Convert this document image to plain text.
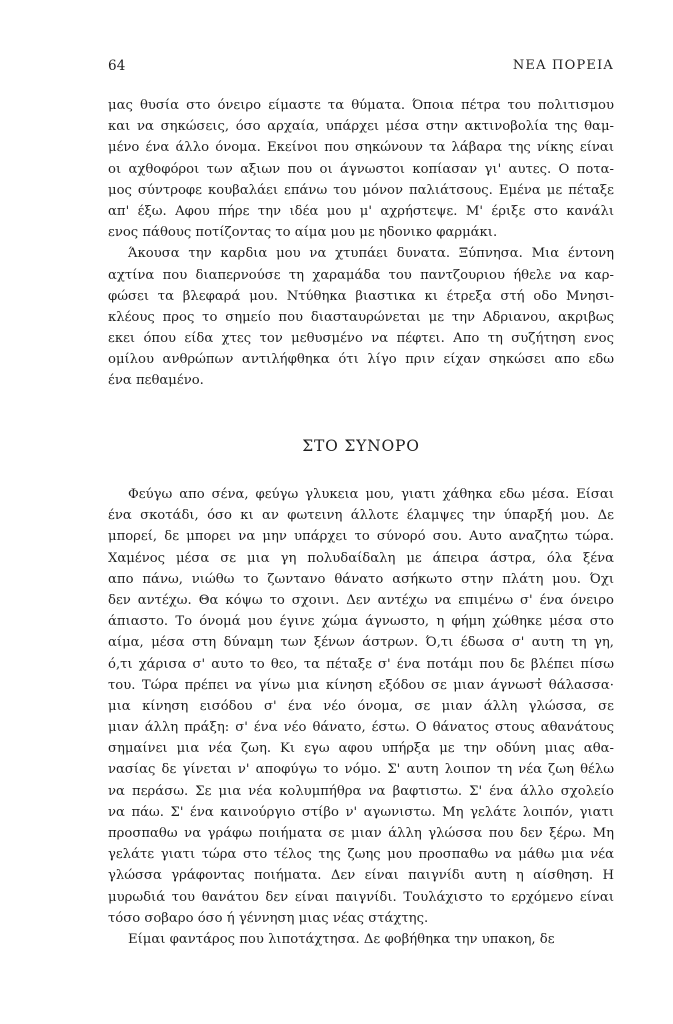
64	ΝΕΑ ΠΟΡΕΙΑ
μας θυσία στο όνειρο είμαστε τα θύματα. Όποια πέτρα του πολιτισμου
και να σηκώσεις, όσο αρχαία, υπάρχει μέσα στην ακτινοβολία της θαμ-
μένο ένα άλλο όνομα. Εκείνοι που σηκώνουν τα λάβαρα της νίκης είναι
οι αχθοφόροι των αξιων που οι άγνωστοι κοπίασαν γι' αυτες. Ο ποτα-
μος σύντροφε κουβαλάει επάνω του μόνον παλιάτσους. Εμένα με πέταξε
απ' έξω. Αφου πήρε την ιδέα μου μ' αχρήστεψε. Μ' έριξε στο κανάλι
ενος πάθους ποτίζοντας το αίμα μου με ηδονικο φαρμάκι.
Άκουσα την καρδια μου να χτυπάει δυνατα. Ξύπνησα. Μια έντονη
αχτίνα που διαπερνούσε τη χαραμάδα του παντζουριου ήθελε να καρ-
φώσει τα βλεφαρά μου. Ντύθηκα βιαστικα κι έτρεξα στή οδο Μνησι-
κλέους προς το σημείο που διασταυρώνεται με την Αδριανου, ακριβως
εκει όπου είδα χτες τον μεθυσμένο να πέφτει. Απο τη συζήτηση ενος
ομίλου ανθρώπων αντιλήφθηκα ότι λίγο πριν είχαν σηκώσει απο εδω
ένα πεθαμένο.
ΣΤΟ ΣΥΝΟΡΟ
Φεύγω απο σένα, φεύγω γλυκεια μου, γιατι χάθηκα εδω μέσα. Είσαι
ένα σκοτάδι, όσο κι αν φωτεινη άλλοτε έλαμψες την ύπαρξή μου. Δε
μπορεί, δε μπορει να μην υπάρχει το σύνορό σου. Αυτο αναζητω τώρα.
Χαμένος μέσα σε μια γη πολυδαίδαλη με άπειρα άστρα, όλα ξένα
απο πάνω, νιώθω το ζωντανο θάνατο ασήκωτο στην πλάτη μου. Όχι
δεν αντέχω. Θα κόψω το σχοινι. Δεν αντέχω να επιμένω σ' ένα όνειρο
άπιαστο. Το όνομά μου έγινε χώμα άγνωστο, η φήμη χώθηκε μέσα στο
αίμα, μέσα στη δύναμη των ξένων άστρων. Ό,τι έδωσα σ' αυτη τη γη,
ό,τι χάρισα σ' αυτο το θεο, τα πέταξε σ' ένα ποτάμι που δε βλέπει πίσω
του. Τώρα πρέπει να γίνω μια κίνηση εξόδου σε μιαν άγνωστ̓ θάλασσα·
μια κίνηση εισόδου σ' ένα νέο όνομα, σε μιαν άλλη γλώσσα, σε
μιαν άλλη πράξη: σ' ένα νέο θάνατο, έστω. Ο θάνατος στους αθανάτους
σημαίνει μια νέα ζωη. Κι εγω αφου υπήρξα με την οδύνη μιας αθα-
νασίας δε γίνεται ν' αποφύγω το νόμο. Σ' αυτη λοιπον τη νέα ζωη θέλω
να περάσω. Σε μια νέα κολυμπήθρα να βαφτιστω. Σ' ένα άλλο σχολείο
να πάω. Σ' ένα καινούργιο στίβο ν' αγωνιστω. Μη γελάτε λοιπόν, γιατι
προσπαθω να γράφω ποιήματα σε μιαν άλλη γλώσσα που δεν ξέρω. Μη
γελάτε γιατι τώρα στο τέλος της ζωης μου προσπαθω να μάθω μια νέα
γλώσσα γράφοντας ποιήματα. Δεν είναι παιγνίδι αυτη η αίσθηση. Η
μυρωδιά του θανάτου δεν είναι παιγνίδι. Τουλάχιστο το ερχόμενο είναι
τόσο σοβαρο όσο ή γέννηση μιας νέας στάχτης.
Είμαι φαντάρος που λιποτάχτησα. Δε φοβήθηκα την υπακοη, δε
